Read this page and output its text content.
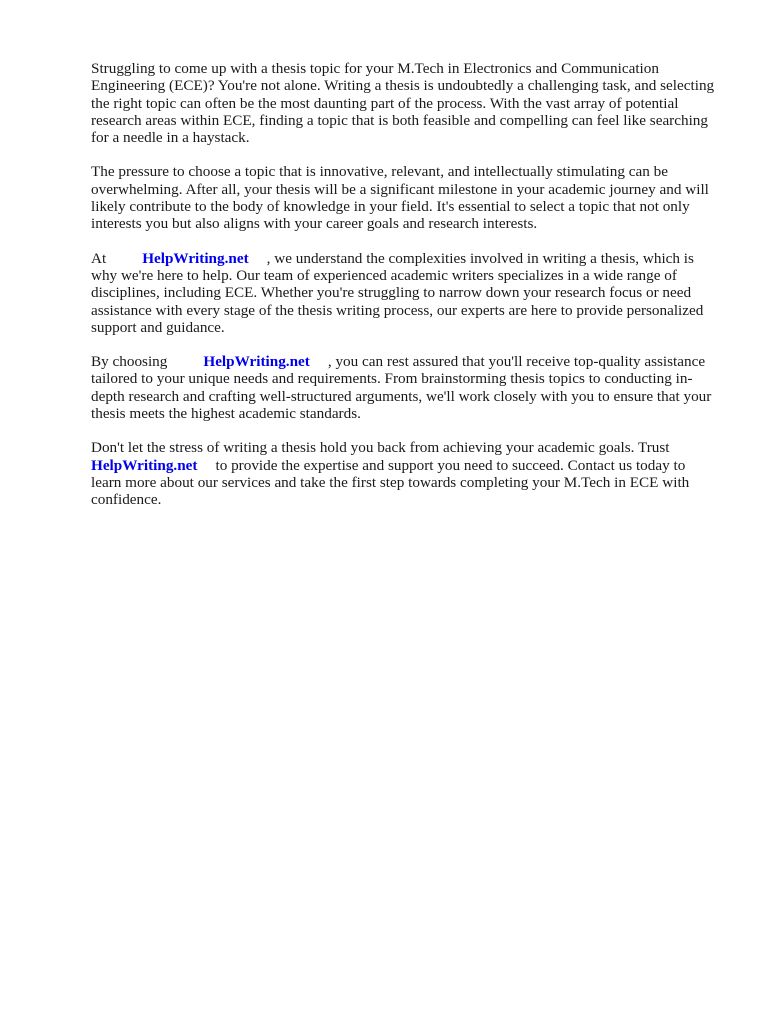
Struggling to come up with a thesis topic for your M.Tech in Electronics and Communication Engineering (ECE)? You're not alone. Writing a thesis is undoubtedly a challenging task, and selecting the right topic can often be the most daunting part of the process. With the vast array of potential research areas within ECE, finding a topic that is both feasible and compelling can feel like searching for a needle in a haystack.

The pressure to choose a topic that is innovative, relevant, and intellectually stimulating can be overwhelming. After all, your thesis will be a significant milestone in your academic journey and will likely contribute to the body of knowledge in your field. It's essential to select a topic that not only interests you but also aligns with your career goals and research interests.

At HelpWriting.net , we understand the complexities involved in writing a thesis, which is why we're here to help. Our team of experienced academic writers specializes in a wide range of disciplines, including ECE. Whether you're struggling to narrow down your research focus or need assistance with every stage of the thesis writing process, our experts are here to provide personalized support and guidance.

By choosing HelpWriting.net , you can rest assured that you'll receive top-quality assistance tailored to your unique needs and requirements. From brainstorming thesis topics to conducting in-depth research and crafting well-structured arguments, we'll work closely with you to ensure that your thesis meets the highest academic standards.

Don't let the stress of writing a thesis hold you back from achieving your academic goals. Trust HelpWriting.net to provide the expertise and support you need to succeed. Contact us today to learn more about our services and take the first step towards completing your M.Tech in ECE with confidence.
